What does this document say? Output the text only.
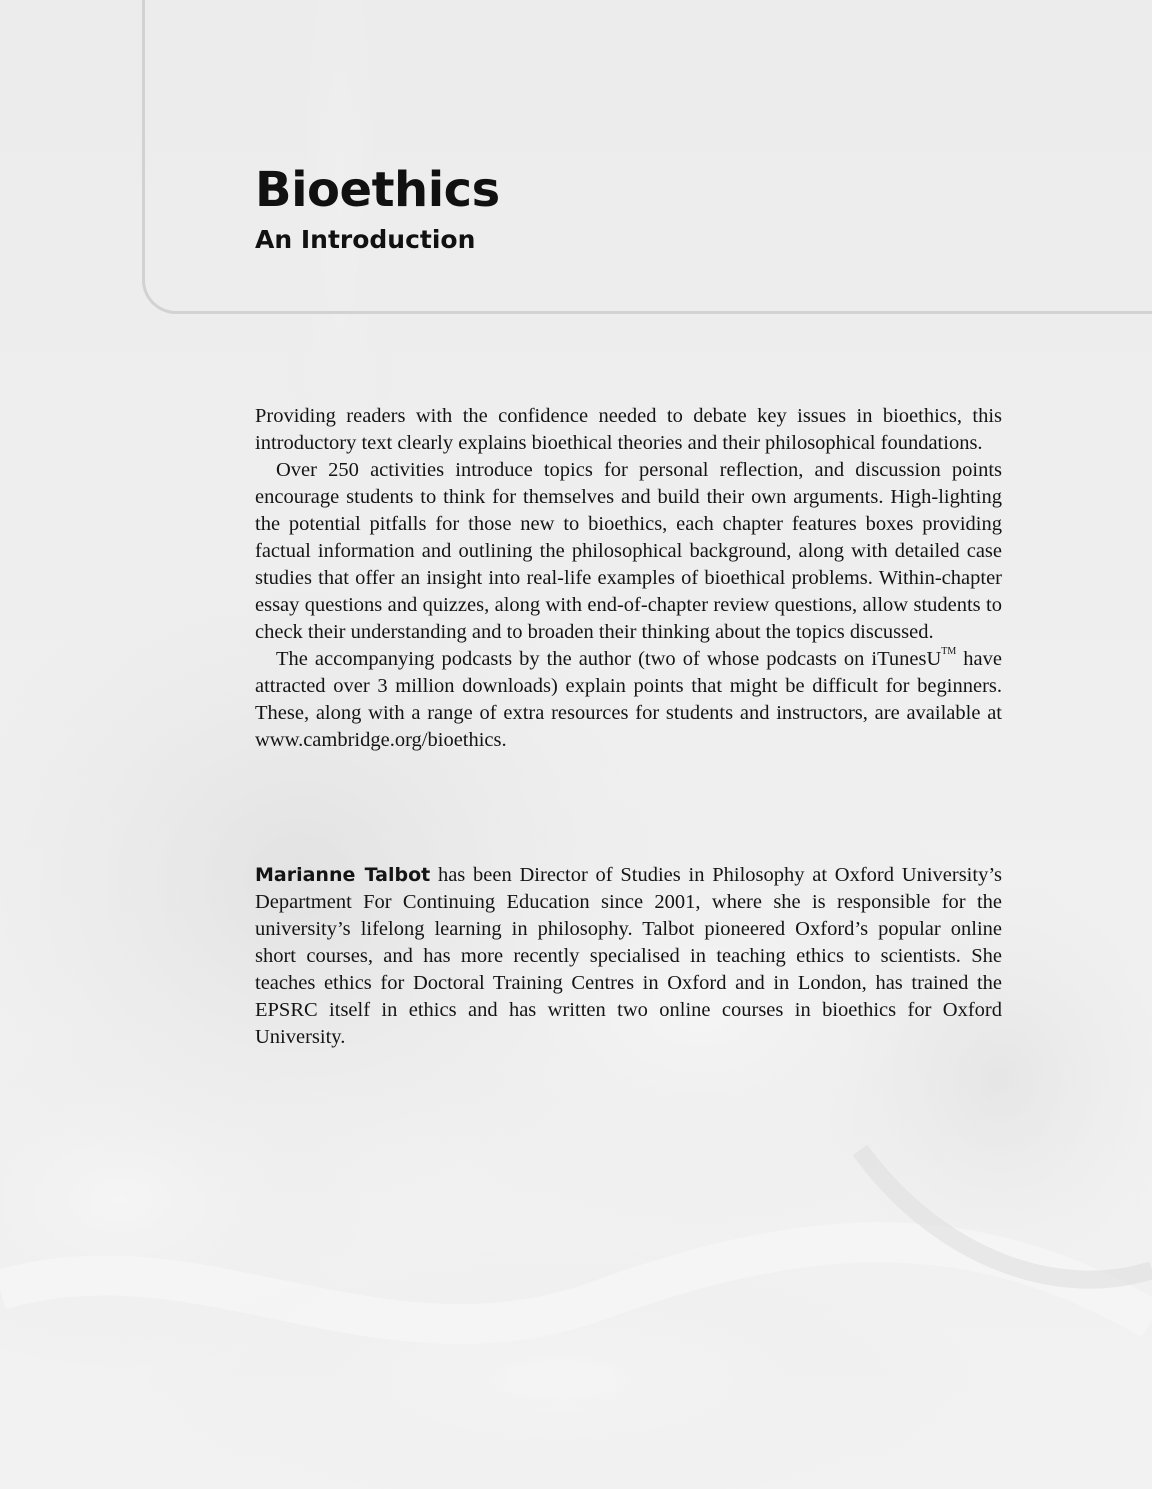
Bioethics
An Introduction

Providing readers with the confidence needed to debate key issues in bioethics, this introductory text clearly explains bioethical theories and their philosophical foundations.

Over 250 activities introduce topics for personal reflection, and discussion points encourage students to think for themselves and build their own arguments. High-lighting the potential pitfalls for those new to bioethics, each chapter features boxes providing factual information and outlining the philosophical background, along with detailed case studies that offer an insight into real-life examples of bioethical problems. Within-chapter essay questions and quizzes, along with end-of-chapter review questions, allow students to check their understanding and to broaden their thinking about the topics discussed.

The accompanying podcasts by the author (two of whose podcasts on iTunesU™ have attracted over 3 million downloads) explain points that might be difficult for beginners. These, along with a range of extra resources for students and instructors, are available at www.cambridge.org/bioethics.

Marianne Talbot has been Director of Studies in Philosophy at Oxford University’s Department For Continuing Education since 2001, where she is responsible for the university’s lifelong learning in philosophy. Talbot pioneered Oxford’s popular online short courses, and has more recently specialised in teaching ethics to scientists. She teaches ethics for Doctoral Training Centres in Oxford and in London, has trained the EPSRC itself in ethics and has written two online courses in bioethics for Oxford University.
